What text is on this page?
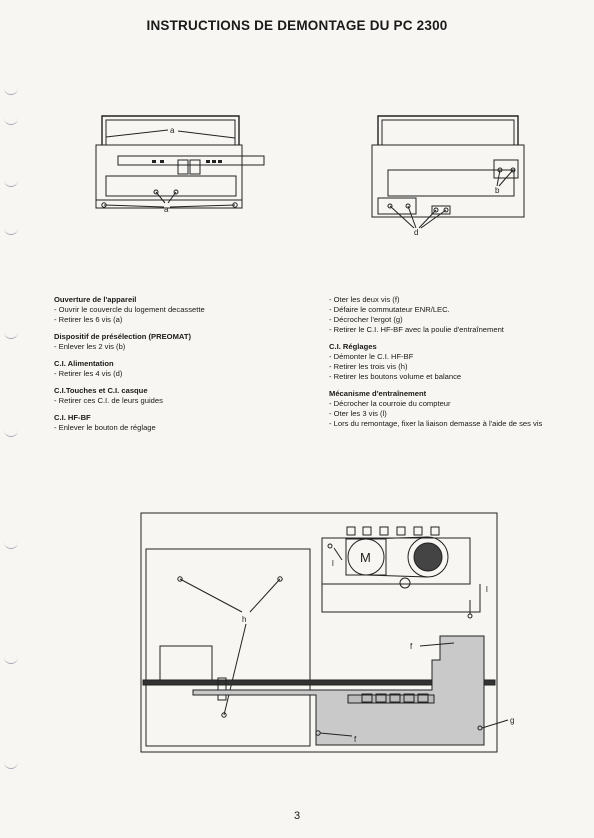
INSTRUCTIONS DE DEMONTAGE DU PC 2300
a
a
b
d
h
f
f
g
l
l
M
Ouverture de l'appareil
- Ouvrir le couvercle du logement decassette
- Retirer les 6 vis (a)
Dispositif de présélection (PREOMAT)
- Enlever les 2 vis (b)
C.I. Alimentation
- Retirer les 4 vis (d)
C.I.Touches et C.I. casque
- Retirer ces C.I. de leurs guides
C.I. HF-BF
- Enlever le bouton de réglage
- Oter les deux vis (f)
- Défaire le commutateur ENR/LEC.
- Décrocher l'ergot (g)
- Retirer le C.I. HF-BF avec la poulie d'entraînement
C.I. Réglages
- Démonter le C.I. HF-BF
- Retirer les trois vis (h)
- Retirer les boutons volume et balance
Mécanisme d'entraînement
- Décrocher la courroie du compteur
- Oter les 3 vis (l)
- Lors du remontage, fixer la liaison demasse à l'aide de ses vis
3
